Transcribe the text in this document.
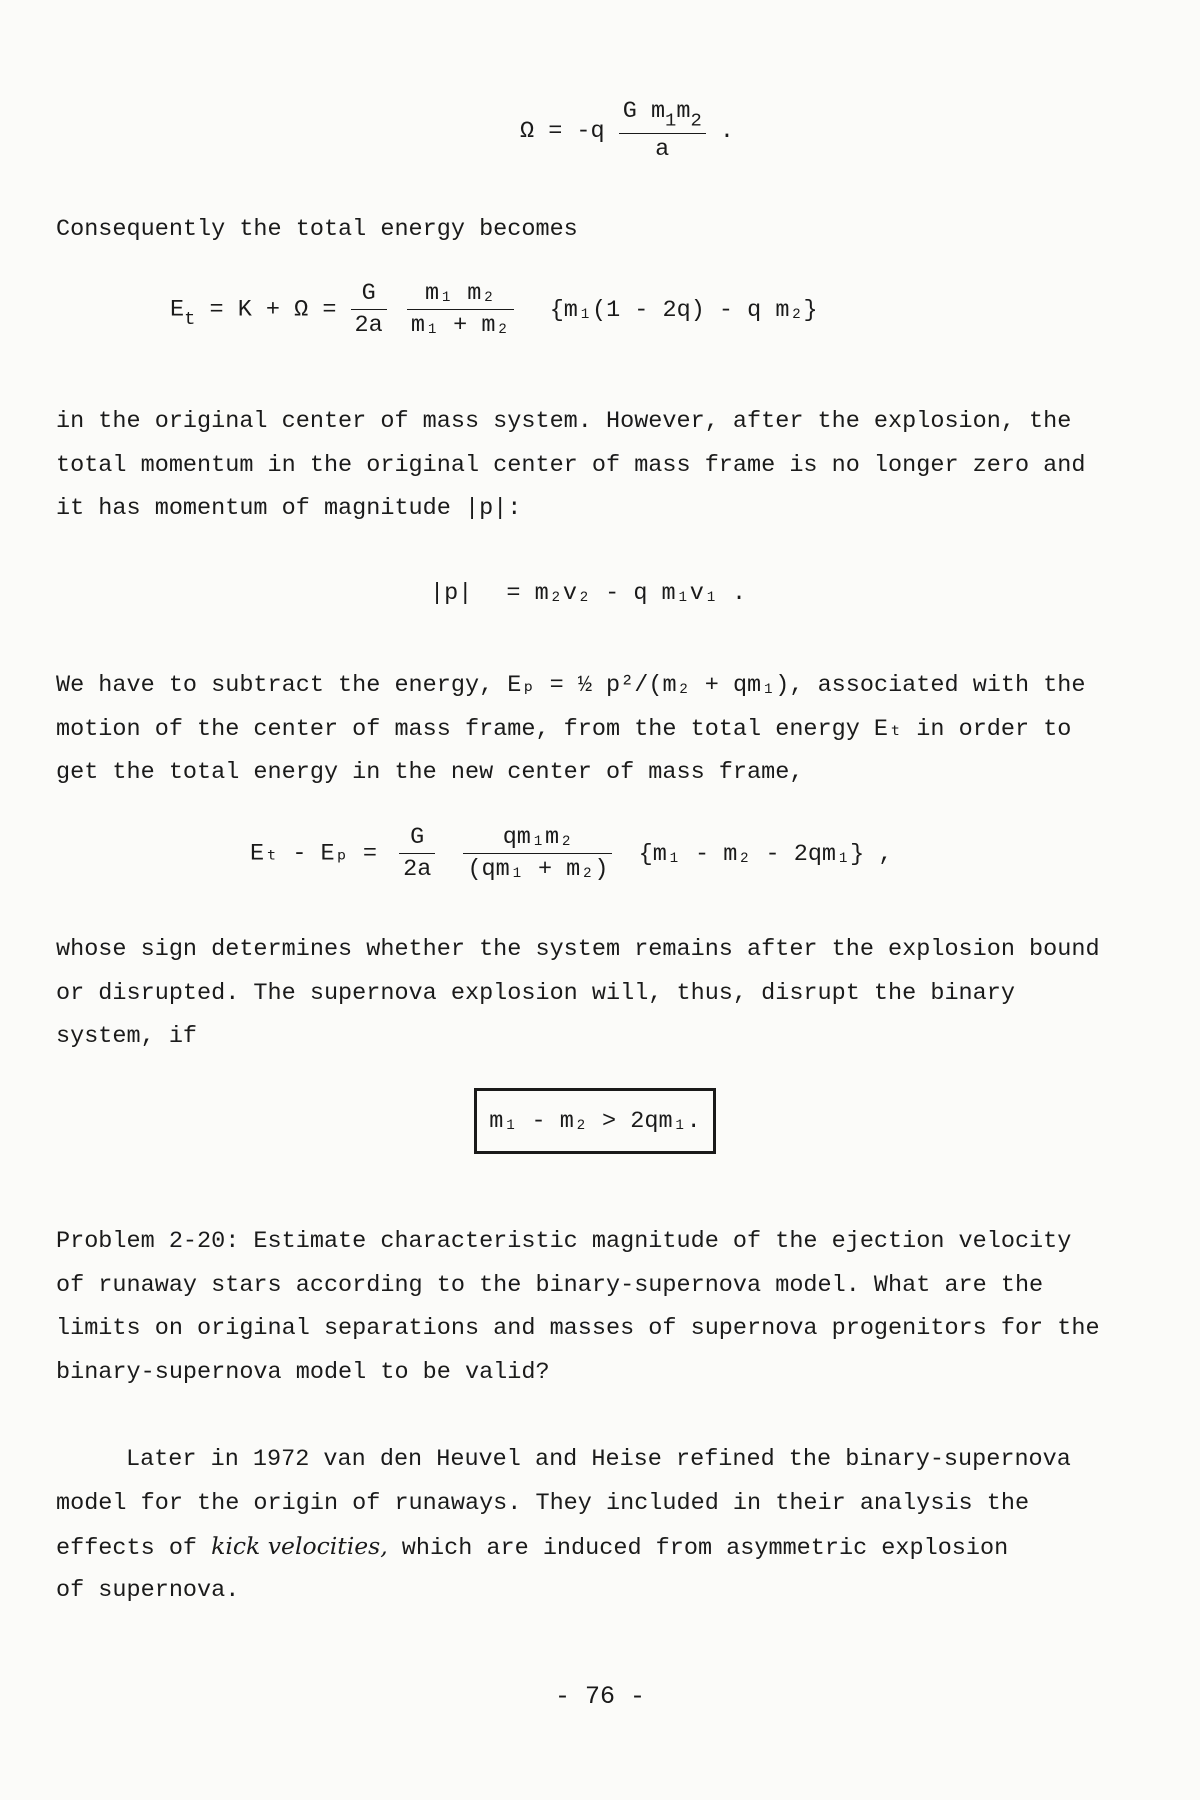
$\Omega = -q \frac{G m_1m_2}{a}$ .
Consequently the total energy becomes
$E_t = K + \Omega = \frac{G}{2a}$
$\frac{\text{m₁ m₂}}{\text{m₁ + m₂}} \{m_1(1 - 2q)$ - q m₂}
in the original center of mass system. However, after the explosion, the
total momentum in the original center of mass frame is no longer zero and
it has momentum of magnitude |p|:
|p| = m₂v₂ - q m₁v₁ .
We have to subtract the energy, Eₚ = ½ p²/(m₂ + qm₁), associated with the
motion of the center of mass frame, from the total energy Eₜ in order to
get the total energy in the new center of mass frame,
$E_t - E_p = \frac{G}{2a}$
$\frac{\text{qm₁m₂}}{\text{(qm₁ + m₂)}} \{m_1 - m_2 - 2qm_1\}$ ,
whose sign determines whether the system remains after the explosion bound
or disrupted. The supernova explosion will, thus, disrupt the binary
system, if
m₁ - m₂ > 2qm₁.
Problem 2-20: Estimate characteristic magnitude of the ejection velocity
of runaway stars according to the binary-supernova model. What are the
limits on original separations and masses of supernova progenitors for the
binary-supernova model to be valid?
Later in 1972 van den Heuvel and Heise refined the binary-supernova
model for the origin of runaways. They included in their analysis the
effects of kick velocities, which are induced from asymmetric explosion
of supernova.
- 76 -
